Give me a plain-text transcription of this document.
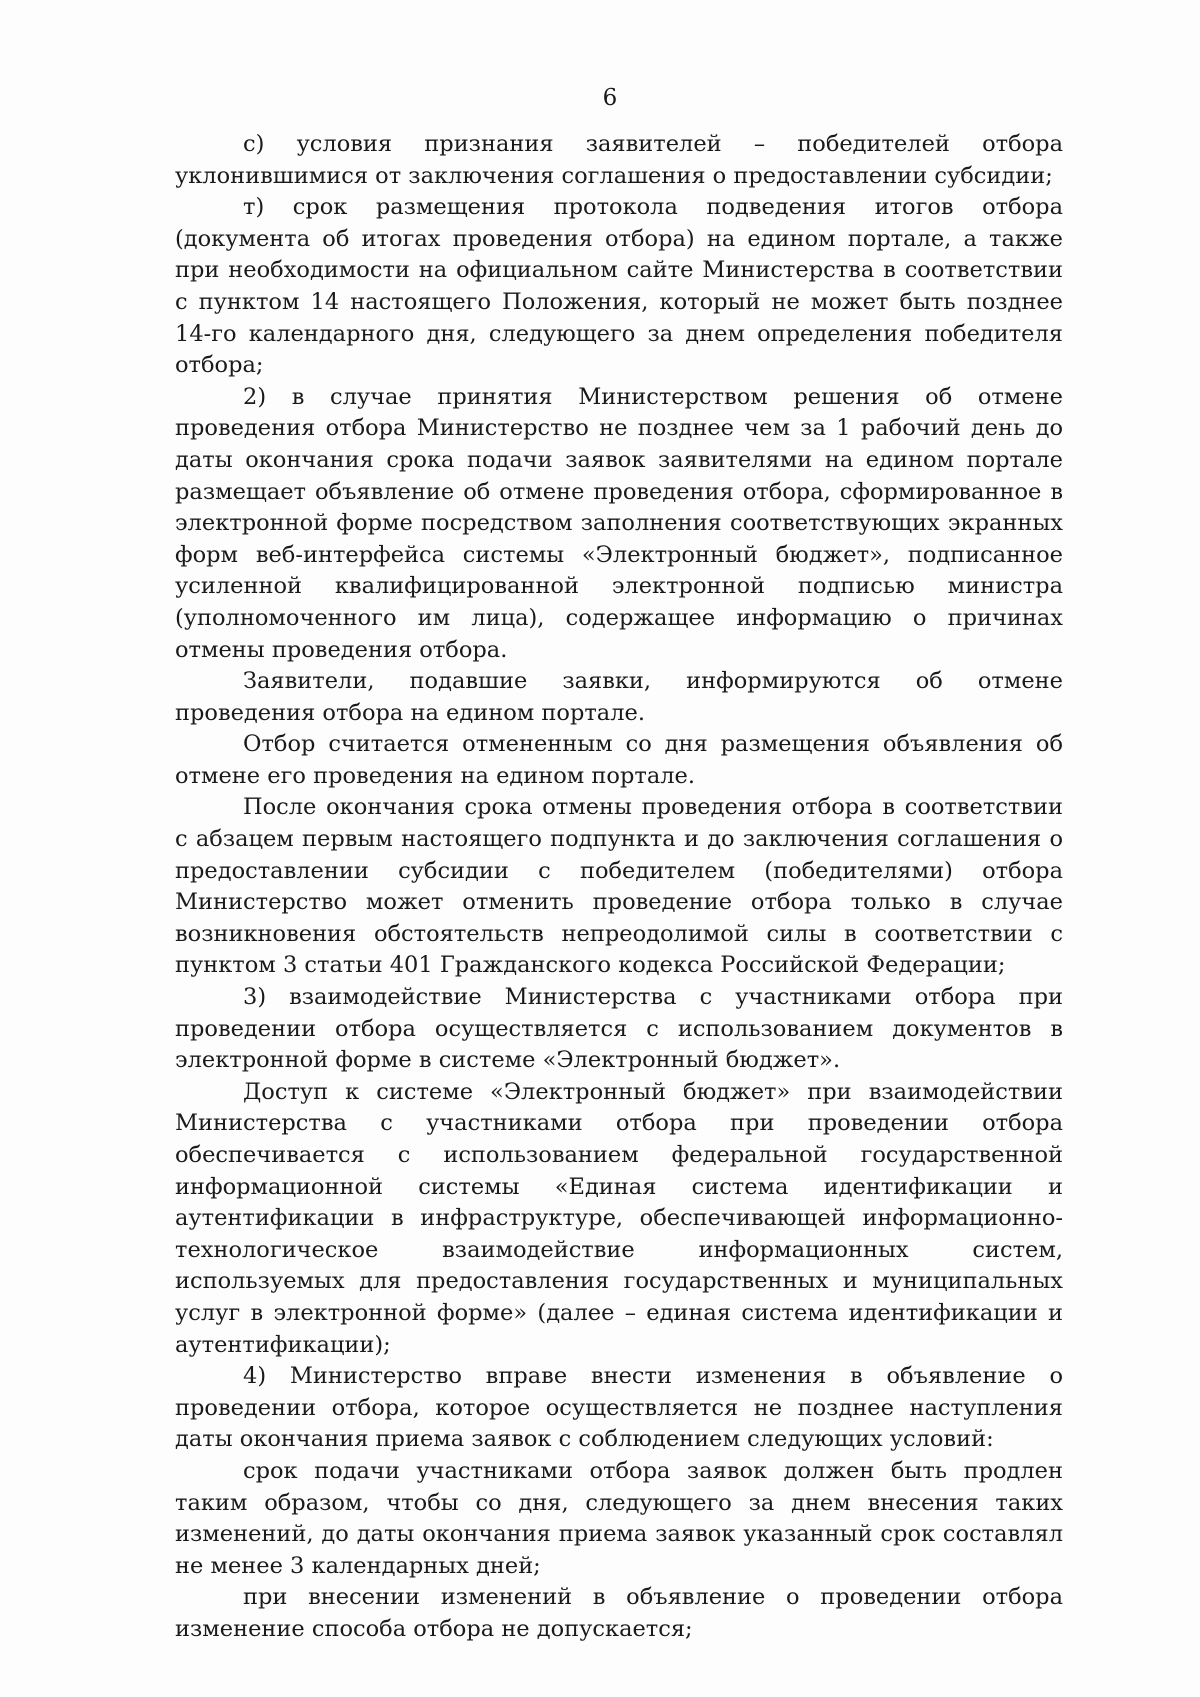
6

с) условия признания заявителей – победителей отбора уклонившимися от заключения соглашения о предоставлении субсидии;

т) срок размещения протокола подведения итогов отбора (документа об итогах проведения отбора) на едином портале, а также при необходимости на официальном сайте Министерства в соответствии с пунктом 14 настоящего Положения, который не может быть позднее 14-го календарного дня, следующего за днем определения победителя отбора;

2) в случае принятия Министерством решения об отмене проведения отбора Министерство не позднее чем за 1 рабочий день до даты окончания срока подачи заявок заявителями на едином портале размещает объявление об отмене проведения отбора, сформированное в электронной форме посредством заполнения соответствующих экранных форм веб-интерфейса системы «Электронный бюджет», подписанное усиленной квалифицированной электронной подписью министра (уполномоченного им лица), содержащее информацию о причинах отмены проведения отбора.

Заявители, подавшие заявки, информируются об отмене проведения отбора на едином портале.

Отбор считается отмененным со дня размещения объявления об отмене его проведения на едином портале.

После окончания срока отмены проведения отбора в соответствии с абзацем первым настоящего подпункта и до заключения соглашения о предоставлении субсидии с победителем (победителями) отбора Министерство может отменить проведение отбора только в случае возникновения обстоятельств непреодолимой силы в соответствии с пунктом 3 статьи 401 Гражданского кодекса Российской Федерации;

3) взаимодействие Министерства с участниками отбора при проведении отбора осуществляется с использованием документов в электронной форме в системе «Электронный бюджет».

Доступ к системе «Электронный бюджет» при взаимодействии Министерства с участниками отбора при проведении отбора обеспечивается с использованием федеральной государственной информационной системы «Единая система идентификации и аутентификации в инфраструктуре, обеспечивающей информационно-технологическое взаимодействие информационных систем, используемых для предоставления государственных и муниципальных услуг в электронной форме» (далее – единая система идентификации и аутентификации);

4) Министерство вправе внести изменения в объявление о проведении отбора, которое осуществляется не позднее наступления даты окончания приема заявок с соблюдением следующих условий:

срок подачи участниками отбора заявок должен быть продлен таким образом, чтобы со дня, следующего за днем внесения таких изменений, до даты окончания приема заявок указанный срок составлял не менее 3 календарных дней;

при внесении изменений в объявление о проведении отбора изменение способа отбора не допускается;
